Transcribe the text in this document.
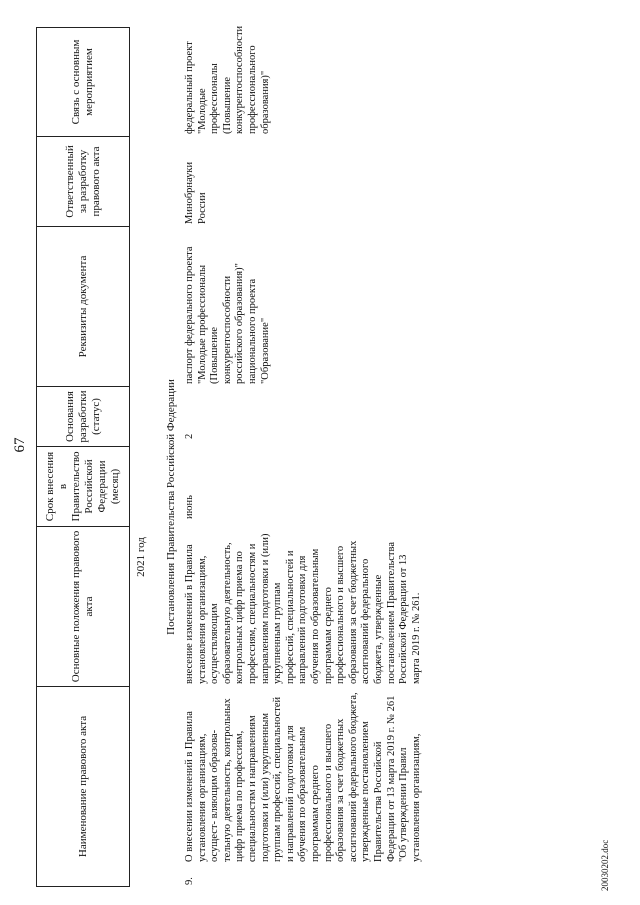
67
Наименование правового акта
Основные положения правового акта
Срок внесения в Правительство Российской Федерации (месяц)
Основания разработки (статус)
Реквизиты документа
Ответственный за разработку правового акта
Связь с основным мероприятием
2021 год Постановления Правительства Российской Федерации
9.
О внесении изменений в Правила установления организациям, осущест- вляющим образова- тельную деятельность, контрольных цифр приема по профессиям, специальностям и направлениям подготовки и (или) укрупненным группам профессий, специальностей и направлений подготовки для обучения по образовательным программам среднего профессионального и высшего образования за счет бюджетных ассигнований федерального бюджета, утвержденные постановлением Правительства Российской Федерации от 13 марта 2019 г. № 261 "Об утверждении Правил установления организациям,
внесение изменений в Правила установления организациям, осуществляющим образовательную деятельность, контрольных цифр приема по профессиям, специальностям и направлениям подготовки и (или) укрупненным группам профессий, специальностей и направлений подготовки для обучения по образовательным программам среднего профессионального и высшего образования за счет бюджетных ассигнований федерального бюджета, утвержденные постановлением Правительства Российской Федерации от 13 марта 2019 г. № 261.
июнь
2
паспорт федерального проекта "Молодые профессионалы (Повышение конкурентоспособности российского образования)" национального проекта "Образование"
Минобрнауки России
федеральный проект "Молодые профессионалы (Повышение конкурентоспособности профессионального образования)"
20030202.doc
